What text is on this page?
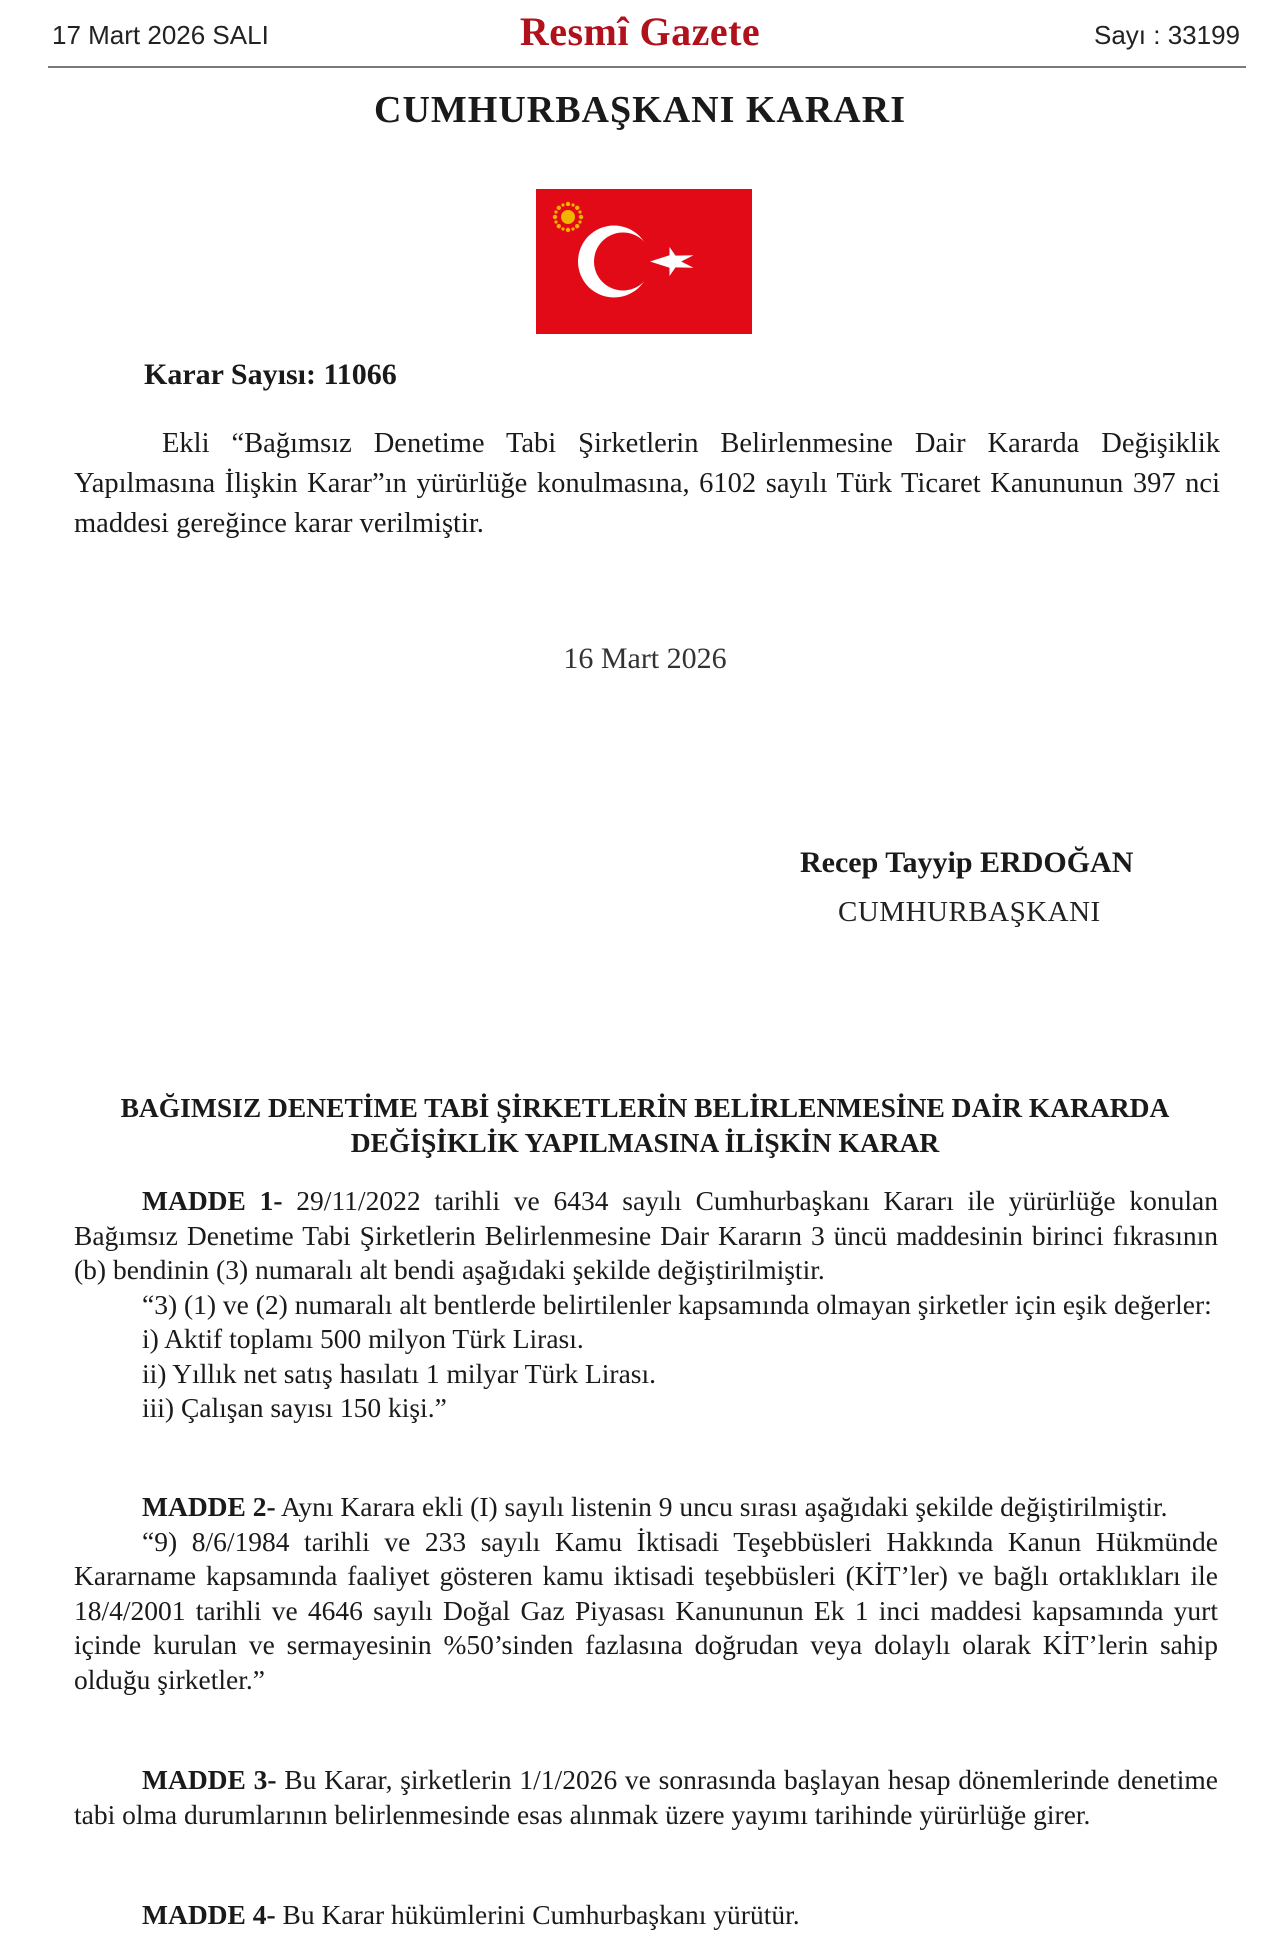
17 Mart 2026 SALI	Resmî Gazete	Sayı : 33199
CUMHURBAŞKANI KARARI
Karar Sayısı: 11066

Ekli “Bağımsız Denetime Tabi Şirketlerin Belirlenmesine Dair Kararda Değişiklik Yapılmasına İlişkin Karar”ın yürürlüğe konulmasına, 6102 sayılı Türk Ticaret Kanununun 397 nci maddesi gereğince karar verilmiştir.

16 Mart 2026
Recep Tayyip ERDOĞAN
CUMHURBAŞKANI
BAĞIMSIZ DENETİME TABİ ŞİRKETLERİN BELİRLENMESİNE DAİR KARARDA
DEĞİŞİKLİK YAPILMASINA İLİŞKİN KARAR

MADDE 1- 29/11/2022 tarihli ve 6434 sayılı Cumhurbaşkanı Kararı ile yürürlüğe konulan Bağımsız Denetime Tabi Şirketlerin Belirlenmesine Dair Kararın 3 üncü maddesinin birinci fıkrasının (b) bendinin (3) numaralı alt bendi aşağıdaki şekilde değiştirilmiştir.

“3) (1) ve (2) numaralı alt bentlerde belirtilenler kapsamında olmayan şirketler için eşik değerler:

i) Aktif toplamı 500 milyon Türk Lirası.

ii) Yıllık net satış hasılatı 1 milyar Türk Lirası.

iii) Çalışan sayısı 150 kişi.”

MADDE 2- Aynı Karara ekli (I) sayılı listenin 9 uncu sırası aşağıdaki şekilde değiştirilmiştir.

“9) 8/6/1984 tarihli ve 233 sayılı Kamu İktisadi Teşebbüsleri Hakkında Kanun Hükmünde Kararname kapsamında faaliyet gösteren kamu iktisadi teşebbüsleri (KİT’ler) ve bağlı ortaklıkları ile 18/4/2001 tarihli ve 4646 sayılı Doğal Gaz Piyasası Kanununun Ek 1 inci maddesi kapsamında yurt içinde kurulan ve sermayesinin %50’sinden fazlasına doğrudan veya dolaylı olarak KİT’lerin sahip olduğu şirketler.”

MADDE 3- Bu Karar, şirketlerin 1/1/2026 ve sonrasında başlayan hesap dönemlerinde denetime tabi olma durumlarının belirlenmesinde esas alınmak üzere yayımı tarihinde yürürlüğe girer.

MADDE 4- Bu Karar hükümlerini Cumhurbaşkanı yürütür.
